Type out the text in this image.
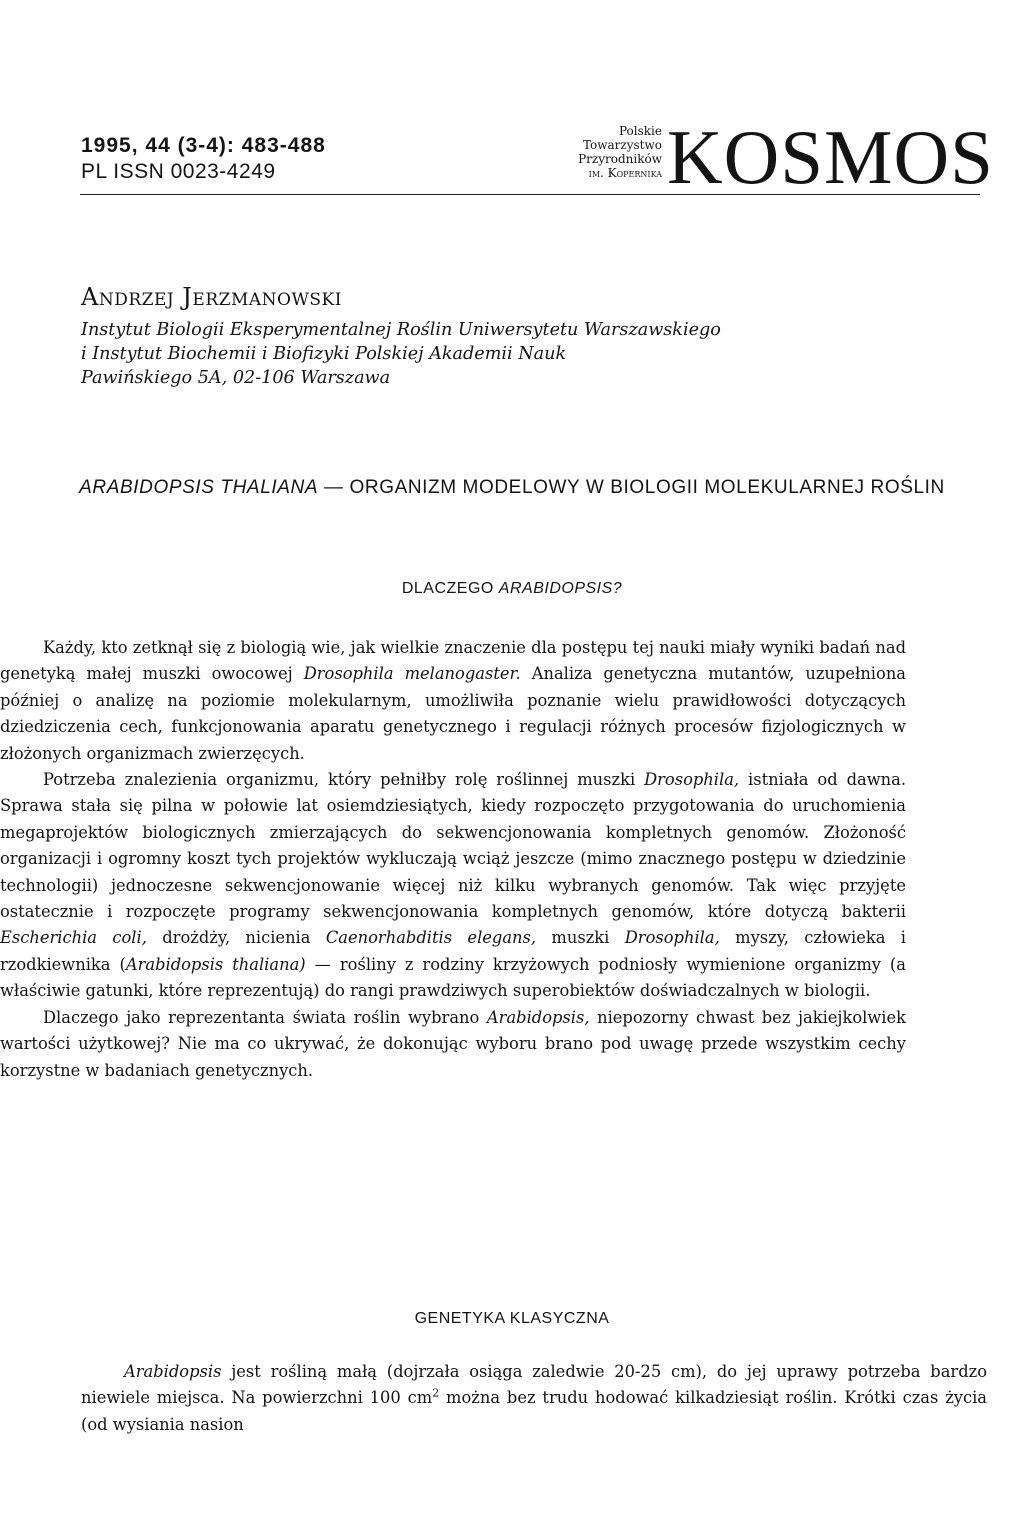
1995, 44 (3-4): 483-488
PL ISSN 0023-4249
Polskie
Towarzystwo
Przyrodników
im. Kopernika KOSMOS
Andrzej Jerzmanowski
Instytut Biologii Eksperymentalnej Roślin Uniwersytetu Warszawskiego
i Instytut Biochemii i Biofizyki Polskiej Akademii Nauk
Pawińskiego 5A, 02-106 Warszawa
ARABIDOPSIS THALIANA — ORGANIZM MODELOWY W BIOLOGII MOLEKULARNEJ ROŚLIN
DLACZEGO ARABIDOPSIS?

Każdy, kto zetknął się z biologią wie, jak wielkie znaczenie dla postępu tej nauki miały wyniki badań nad genetyką małej muszki owocowej Drosophila melanogaster. Analiza genetyczna mutantów, uzupełniona później o analizę na poziomie molekularnym, umożliwiła poznanie wielu prawidłowości dotyczących dziedziczenia cech, funkcjonowania aparatu genetycznego i regulacji różnych procesów fizjologicznych w złożonych organizmach zwierzęcych.

Potrzeba znalezienia organizmu, który pełniłby rolę roślinnej muszki Drosophila, istniała od dawna. Sprawa stała się pilna w połowie lat osiemdziesiątych, kiedy rozpoczęto przygotowania do uruchomienia megaprojektów biologicznych zmierzających do sekwencjonowania kompletnych genomów. Złożoność organizacji i ogromny koszt tych projektów wykluczają wciąż jeszcze (mimo znacznego postępu w dziedzinie technologii) jednoczesne sekwencjonowanie więcej niż kilku wybranych genomów. Tak więc przyjęte ostatecznie i rozpoczęte programy sekwencjonowania kompletnych genomów, które dotyczą bakterii Escherichia coli, drożdży, nicienia Caenorhabditis elegans, muszki Drosophila, myszy, człowieka i rzodkiewnika (Arabidopsis thaliana) — rośliny z rodziny krzyżowych podniosły wymienione organizmy (a właściwie gatunki, które reprezentują) do rangi prawdziwych superobiektów doświadczalnych w biologii.

Dlaczego jako reprezentanta świata roślin wybrano Arabidopsis, niepozorny chwast bez jakiejkolwiek wartości użytkowej? Nie ma co ukrywać, że dokonując wyboru brano pod uwagę przede wszystkim cechy korzystne w badaniach genetycznych.

GENETYKA KLASYCZNA

Arabidopsis jest rośliną małą (dojrzała osiąga zaledwie 20-25 cm), do jej uprawy potrzeba bardzo niewiele miejsca. Na powierzchni 100 $cm^2$ można bez trudu hodować kilkadziesiąt roślin. Krótki czas życia (od wysiania nasion
